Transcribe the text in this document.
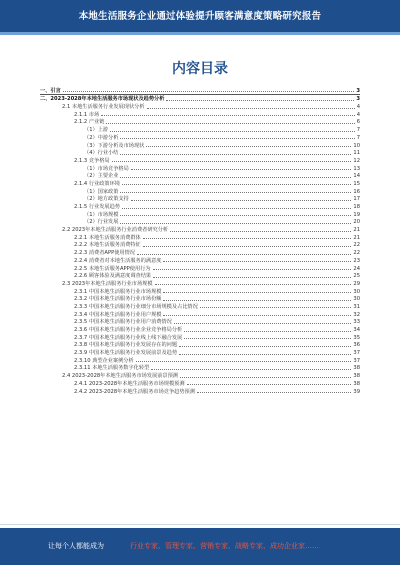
本地生活服务企业通过体验提升顾客满意度策略研究报告
内容目录
一、引言	3
二、2023-2028年本地生活服务市场现状及趋势分析	3
2.1 本地生活服务行业发展现状分析	4
2.1.1 市场	4
2.1.2 产业链	6
（1）上游	7
（2）中游分析	7
（3）下游分析及市场现状	10
（4）行业小结	11
2.1.3 竞争格局	12
（1）市场竞争格局	13
（2）主要企业	14
2.1.4 行业政策环境	15
（1）国家政策	16
（2）地方政策支持	17
2.1.5 行业发展趋势	18
（1）市场规模	19
（2）行业发展	20
2.2 2023年本地生活服务行业消费者研究分析	21
2.2.1 本地生活服务消费群体	21
2.2.2 本地生活服务消费特征	22
2.2.3 消费者APP使用情况	22
2.2.4 消费者对本地生活服务的满意度	23
2.2.5 本地生活服务APP使用行为	24
2.2.6 顾客体验及满意度调查结果	25
2.3 2023年本地生活服务行业市场规模	29
2.3.1 中国本地生活服务行业市场规模	30
2.3.2 中国本地生活服务行业市场份额	30
2.3.3 中国本地生活服务行业细分市场规模及占比情况	31
2.3.4 中国本地生活服务行业用户规模	32
2.3.5 中国本地生活服务行业用户消费情况	33
2.3.6 中国本地生活服务行业企业竞争格局分析	34
2.3.7 中国本地生活服务行业线上线下融合发展	35
2.3.8 中国本地生活服务行业发展存在的问题	36
2.3.9 中国本地生活服务行业发展前景及趋势	37
2.3.10 典型企业案例分析	37
2.3.11 本地生活服务数字化转型	38
2.4 2023-2028年本地生活服务市场发展前景预测	38
2.4.1 2023-2028年本地生活服务市场规模预测	38
2.4.2 2023-2028年本地生活服务市场竞争趋势预测	39
让每个人都能成为	行业专家、管理专家、营销专家、战略专家、成功企业家……
